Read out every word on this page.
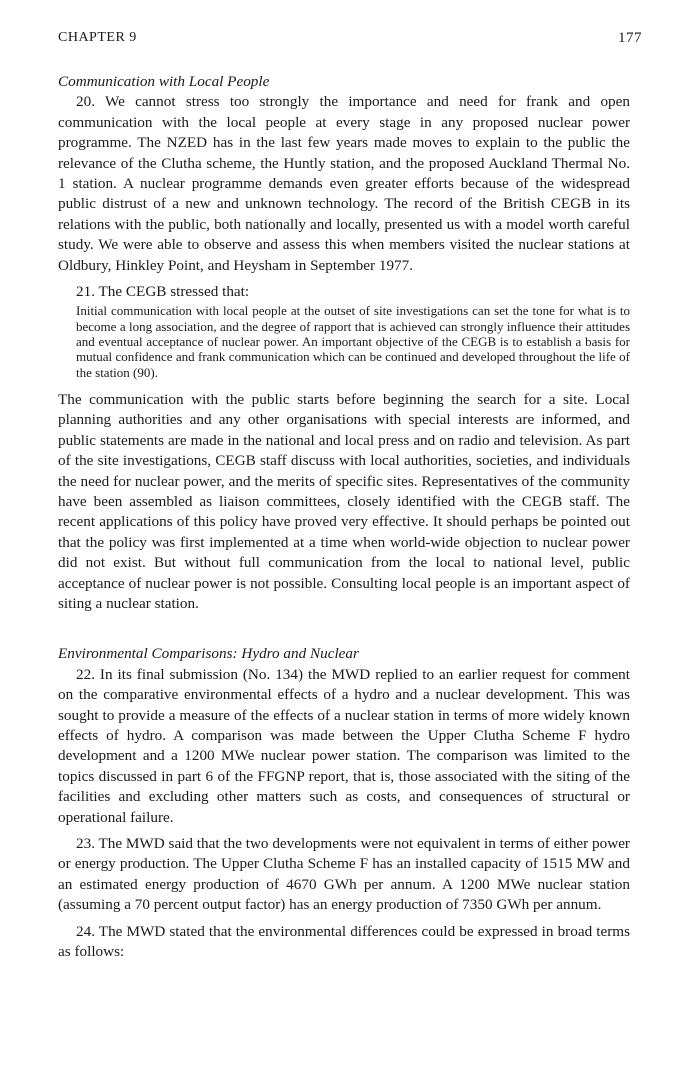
CHAPTER 9	177

Communication with Local People

20. We cannot stress too strongly the importance and need for frank and open communication with the local people at every stage in any proposed nuclear power programme. The NZED has in the last few years made moves to explain to the public the relevance of the Clutha scheme, the Huntly station, and the proposed Auckland Thermal No. 1 station. A nuclear programme demands even greater efforts because of the widespread public distrust of a new and unknown technology. The record of the British CEGB in its relations with the public, both nationally and locally, presented us with a model worth careful study. We were able to observe and assess this when members visited the nuclear stations at Oldbury, Hinkley Point, and Heysham in September 1977.

21. The CEGB stressed that:

Initial communication with local people at the outset of site investigations can set the tone for what is to become a long association, and the degree of rapport that is achieved can strongly influence their attitudes and eventual acceptance of nuclear power. An important objective of the CEGB is to establish a basis for mutual confidence and frank communication which can be continued and developed throughout the life of the station (90).

The communication with the public starts before beginning the search for a site. Local planning authorities and any other organisations with special interests are informed, and public statements are made in the national and local press and on radio and television. As part of the site investigations, CEGB staff discuss with local authorities, societies, and individuals the need for nuclear power, and the merits of specific sites. Representatives of the community have been assembled as liaison committees, closely identified with the CEGB staff. The recent applications of this policy have proved very effective. It should perhaps be pointed out that the policy was first implemented at a time when world-wide objection to nuclear power did not exist. But without full communication from the local to national level, public acceptance of nuclear power is not possible. Consulting local people is an important aspect of siting a nuclear station.

Environmental Comparisons: Hydro and Nuclear

22. In its final submission (No. 134) the MWD replied to an earlier request for comment on the comparative environmental effects of a hydro and a nuclear development. This was sought to provide a measure of the effects of a nuclear station in terms of more widely known effects of hydro. A comparison was made between the Upper Clutha Scheme F hydro development and a 1200 MWe nuclear power station. The comparison was limited to the topics discussed in part 6 of the FFGNP report, that is, those associated with the siting of the facilities and excluding other matters such as costs, and consequences of structural or operational failure.

23. The MWD said that the two developments were not equivalent in terms of either power or energy production. The Upper Clutha Scheme F has an installed capacity of 1515 MW and an estimated energy production of 4670 GWh per annum. A 1200 MWe nuclear station (assuming a 70 percent output factor) has an energy production of 7350 GWh per annum.

24. The MWD stated that the environmental differences could be expressed in broad terms as follows:
